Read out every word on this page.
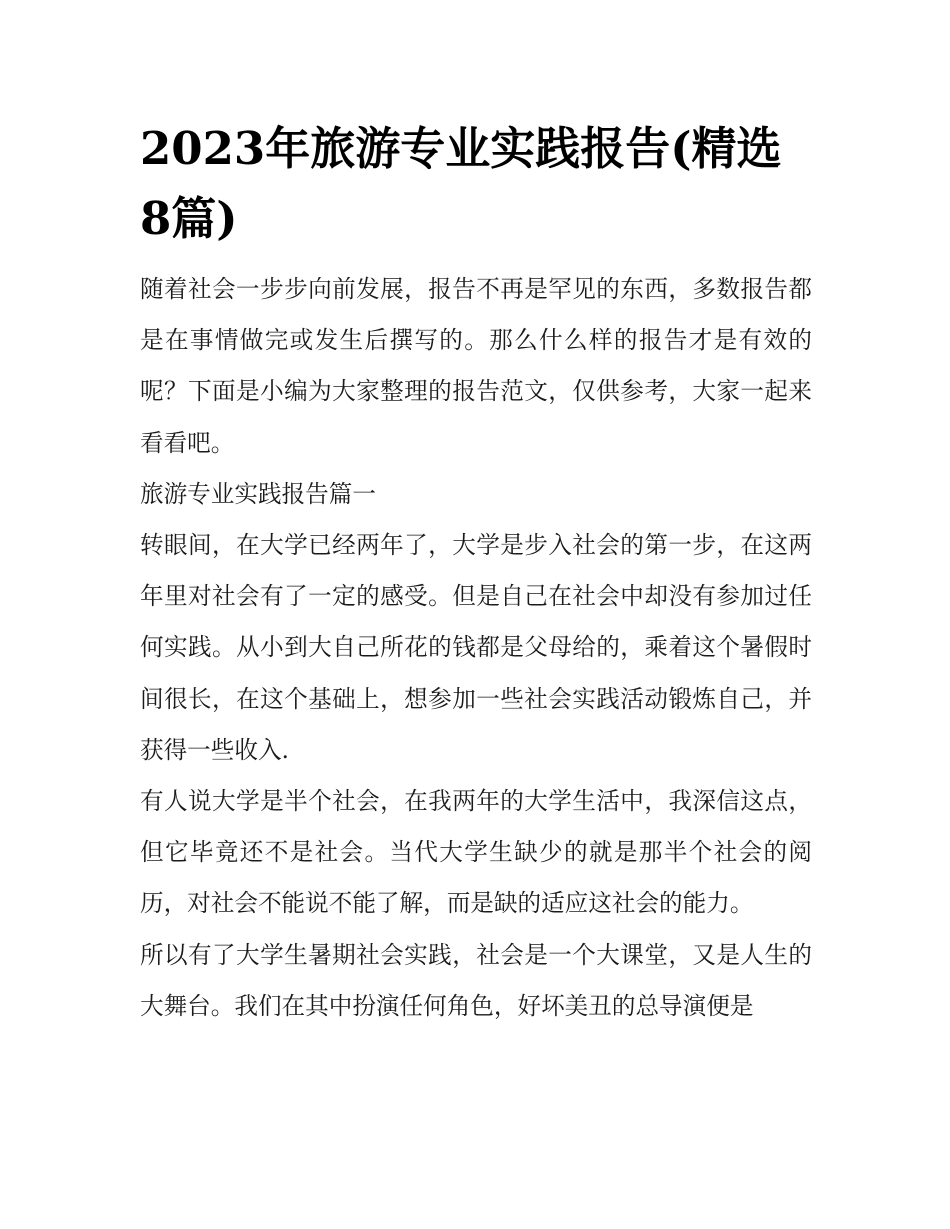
2023年旅游专业实践报告(精选8篇)

随着社会一步步向前发展，报告不再是罕见的东西，多数报告都是在事情做完或发生后撰写的。那么什么样的报告才是有效的呢？下面是小编为大家整理的报告范文，仅供参考，大家一起来看看吧。

旅游专业实践报告篇一

转眼间，在大学已经两年了，大学是步入社会的第一步，在这两年里对社会有了一定的感受。但是自己在社会中却没有参加过任何实践。从小到大自己所花的钱都是父母给的，乘着这个暑假时间很长，在这个基础上，想参加一些社会实践活动锻炼自己，并获得一些收入.

有人说大学是半个社会，在我两年的大学生活中，我深信这点，但它毕竟还不是社会。当代大学生缺少的就是那半个社会的阅历，对社会不能说不能了解，而是缺的适应这社会的能力。

所以有了大学生暑期社会实践，社会是一个大课堂，又是人生的大舞台。我们在其中扮演任何角色，好坏美丑的总导演便是
